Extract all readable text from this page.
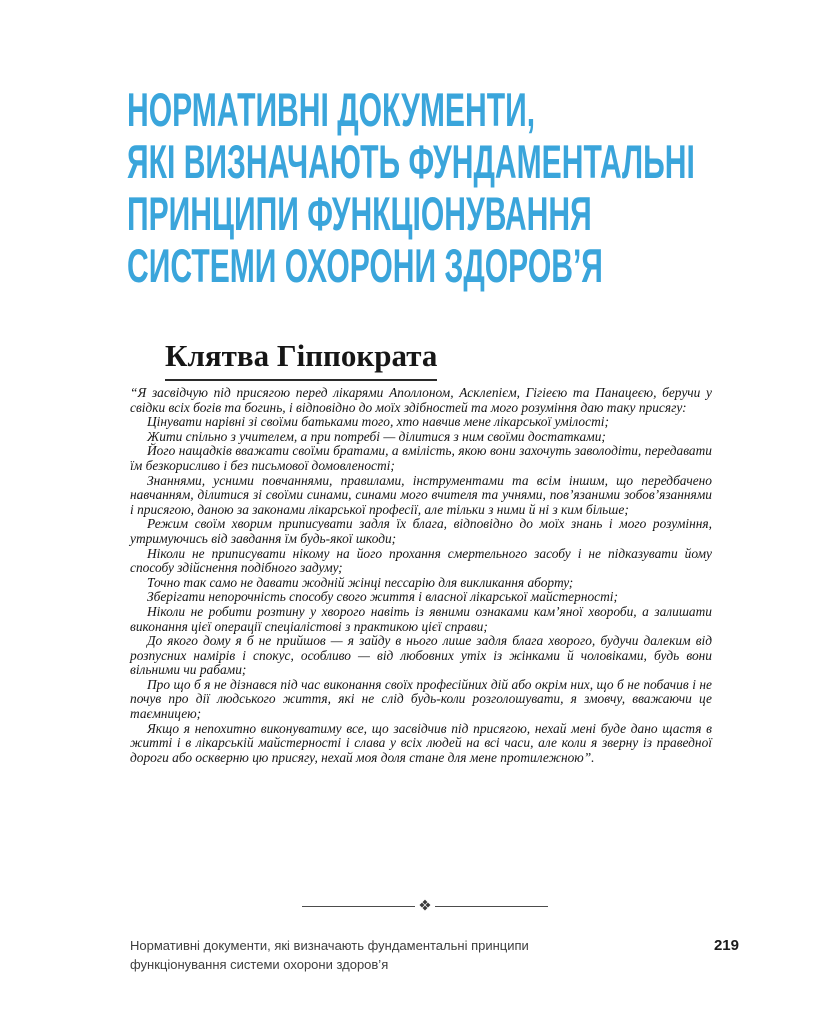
НОРМАТИВНІ ДОКУМЕНТИ,
ЯКІ ВИЗНАЧАЮТЬ ФУНДАМЕНТАЛЬНІ
ПРИНЦИПИ ФУНКЦІОНУВАННЯ
СИСТЕМИ ОХОРОНИ ЗДОРОВ’Я
Клятва Гіппократа

“Я засвідчую під присягою перед лікарями Аполлоном, Асклепієм, Гігіеєю та Панацеєю, беручи у свідки всіх богів та богинь, і відповідно до моїх здібностей та мого розуміння даю таку присягу:

Цінувати нарівні зі своїми батьками того, хто навчив мене лікарської умілості;

Жити спільно з учителем, а при потребі — ділитися з ним своїми достатками;

Його нащадків вважати своїми братами, а вмілість, якою вони захочуть заволодіти, передавати їм безкорисливо і без письмової домовленості;

Знаннями, усними повчаннями, правилами, інструментами та всім іншим, що передбачено навчанням, ділитися зі своїми синами, синами мого вчителя та учнями, пов’язаними зобов’язаннями і присягою, даною за законами лікарської професії, але тільки з ними й ні з ким більше;

Режим своїм хворим приписувати задля їх блага, відповідно до моїх знань і мого розуміння, утримуючись від завдання їм будь-якої шкоди;

Ніколи не приписувати нікому на його прохання смертельного засобу і не підказувати йому способу здійснення подібного задуму;

Точно так само не давати жодній жінці пессарію для викликання аборту;

Зберігати непорочність способу свого життя і власної лікарської майстерності;

Ніколи не робити розтину у хворого навіть із явними ознаками кам’яної хвороби, а залишати виконання цієї операції спеціалістові з практикою цієї справи;

До якого дому я б не прийшов — я зайду в нього лише задля блага хворого, будучи далеким від розпусних намірів і спокус, особливо — від любовних утіх із жінками й чоловіками, будь вони вільними чи рабами;

Про що б я не дізнався під час виконання своїх професійних дій або окрім них, що б не побачив і не почув про дії людського життя, які не слід будь-коли розголошувати, я змовчу, вважаючи це таємницею;

Якщо я непохитно виконуватиму все, що засвідчив під присягою, нехай мені буде дано щастя в житті і в лікарській майстерності і слава у всіх людей на всі часи, але коли я зверну із праведної дороги або оскверню цю присягу, нехай моя доля стане для мене протилежною”.

❖
Нормативні документи, які визначають фундаментальні принципи
функціонування системи охорони здоров’я
219
